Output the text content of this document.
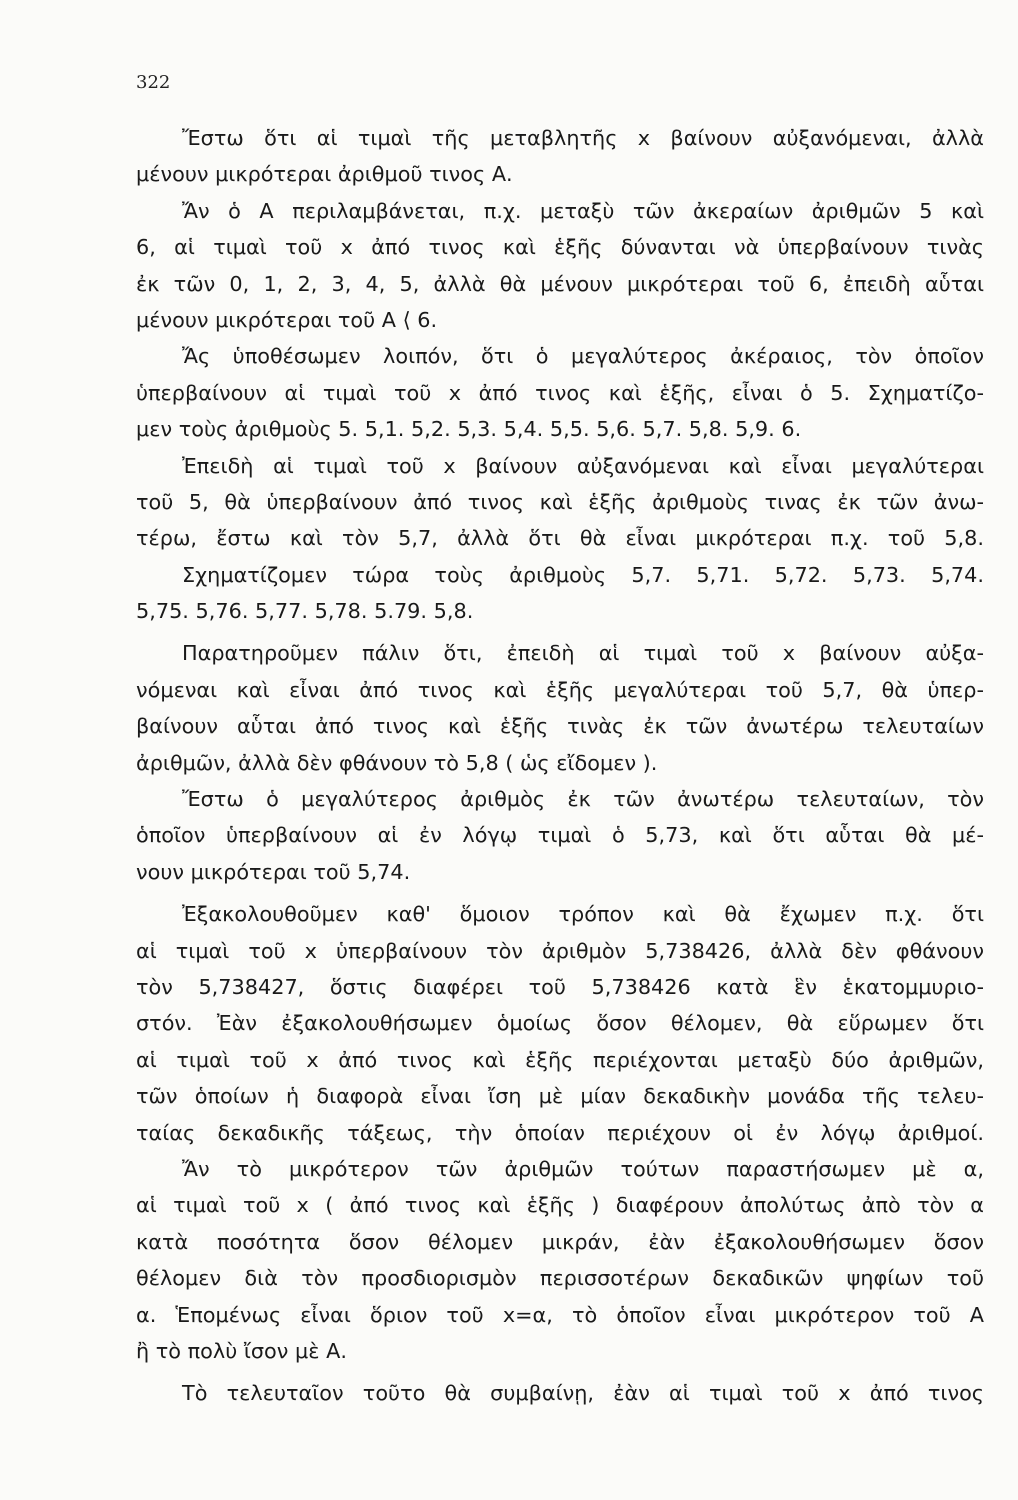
322
Ἔστω ὅτι αἱ τιμαὶ τῆς μεταβλητῆς x βαίνουν αὐξανόμεναι, ἀλλὰ
μένουν μικρότεραι ἀριθμοῦ τινος Α.
Ἄν ὁ Α περιλαμβάνεται, π.χ. μεταξὺ τῶν ἀκεραίων ἀριθμῶν 5 καὶ
6, αἱ τιμαὶ τοῦ x ἀπό τινος καὶ ἑξῆς δύνανται νὰ ὑπερβαίνουν τινὰς
ἐκ τῶν 0, 1, 2, 3, 4, 5, ἀλλὰ θὰ μένουν μικρότεραι τοῦ 6, ἐπειδὴ αὗται
μένουν μικρότεραι τοῦ Α ⟨ 6.
Ἄς ὑποθέσωμεν λοιπόν, ὅτι ὁ μεγαλύτερος ἀκέραιος, τὸν ὁποῖον
ὑπερβαίνουν αἱ τιμαὶ τοῦ x ἀπό τινος καὶ ἑξῆς, εἶναι ὁ 5. Σχηματίζο-
μεν τοὺς ἀριθμοὺς 5. 5,1. 5,2. 5,3. 5,4. 5,5. 5,6. 5,7. 5,8. 5,9. 6.
Ἐπειδὴ αἱ τιμαὶ τοῦ x βαίνουν αὐξανόμεναι καὶ εἶναι μεγαλύτεραι
τοῦ 5, θὰ ὑπερβαίνουν ἀπό τινος καὶ ἑξῆς ἀριθμοὺς τινας ἐκ τῶν ἀνω-
τέρω, ἔστω καὶ τὸν 5,7, ἀλλὰ ὅτι θὰ εἶναι μικρότεραι π.χ. τοῦ 5,8.
Σχηματίζομεν τώρα τοὺς ἀριθμοὺς 5,7. 5,71. 5,72. 5,73. 5,74.
5,75. 5,76. 5,77. 5,78. 5.79. 5,8.
Παρατηροῦμεν πάλιν ὅτι, ἐπειδὴ αἱ τιμαὶ τοῦ x βαίνουν αὐξα-
νόμεναι καὶ εἶναι ἀπό τινος καὶ ἑξῆς μεγαλύτεραι τοῦ 5,7, θὰ ὑπερ-
βαίνουν αὗται ἀπό τινος καὶ ἑξῆς τινὰς ἐκ τῶν ἀνωτέρω τελευταίων
ἀριθμῶν, ἀλλὰ δὲν φθάνουν τὸ 5,8 ( ὡς εἴδομεν ).
Ἔστω ὁ μεγαλύτερος ἀριθμὸς ἐκ τῶν ἀνωτέρω τελευταίων, τὸν
ὁποῖον ὑπερβαίνουν αἱ ἐν λόγῳ τιμαὶ ὁ 5,73, καὶ ὅτι αὗται θὰ μέ-
νουν μικρότεραι τοῦ 5,74.
Ἐξακολουθοῦμεν καθ' ὅμοιον τρόπον καὶ θὰ ἔχωμεν π.χ. ὅτι
αἱ τιμαὶ τοῦ x ὑπερβαίνουν τὸν ἀριθμὸν 5,738426, ἀλλὰ δὲν φθάνουν
τὸν 5,738427, ὅστις διαφέρει τοῦ 5,738426 κατὰ ἓν ἑκατομμυριο-
στόν. Ἐὰν ἐξακολουθήσωμεν ὁμοίως ὅσον θέλομεν, θὰ εὕρωμεν ὅτι
αἱ τιμαὶ τοῦ x ἀπό τινος καὶ ἑξῆς περιέχονται μεταξὺ δύο ἀριθμῶν,
τῶν ὁποίων ἡ διαφορὰ εἶναι ἴση μὲ μίαν δεκαδικὴν μονάδα τῆς τελευ-
ταίας δεκαδικῆς τάξεως, τὴν ὁποίαν περιέχουν οἱ ἐν λόγῳ ἀριθμοί.
Ἄν τὸ μικρότερον τῶν ἀριθμῶν τούτων παραστήσωμεν μὲ α,
αἱ τιμαὶ τοῦ x ( ἀπό τινος καὶ ἑξῆς ) διαφέρουν ἀπολύτως ἀπὸ τὸν α
κατὰ ποσότητα ὅσον θέλομεν μικράν, ἐὰν ἐξακολουθήσωμεν ὅσον
θέλομεν διὰ τὸν προσδιορισμὸν περισσοτέρων δεκαδικῶν ψηφίων τοῦ
α. Ἑπομένως εἶναι ὅριον τοῦ x=α, τὸ ὁποῖον εἶναι μικρότερον τοῦ Α
ἢ τὸ πολὺ ἴσον μὲ Α.
Τὸ τελευταῖον τοῦτο θὰ συμβαίνῃ, ἐὰν αἱ τιμαὶ τοῦ x ἀπό τινος
